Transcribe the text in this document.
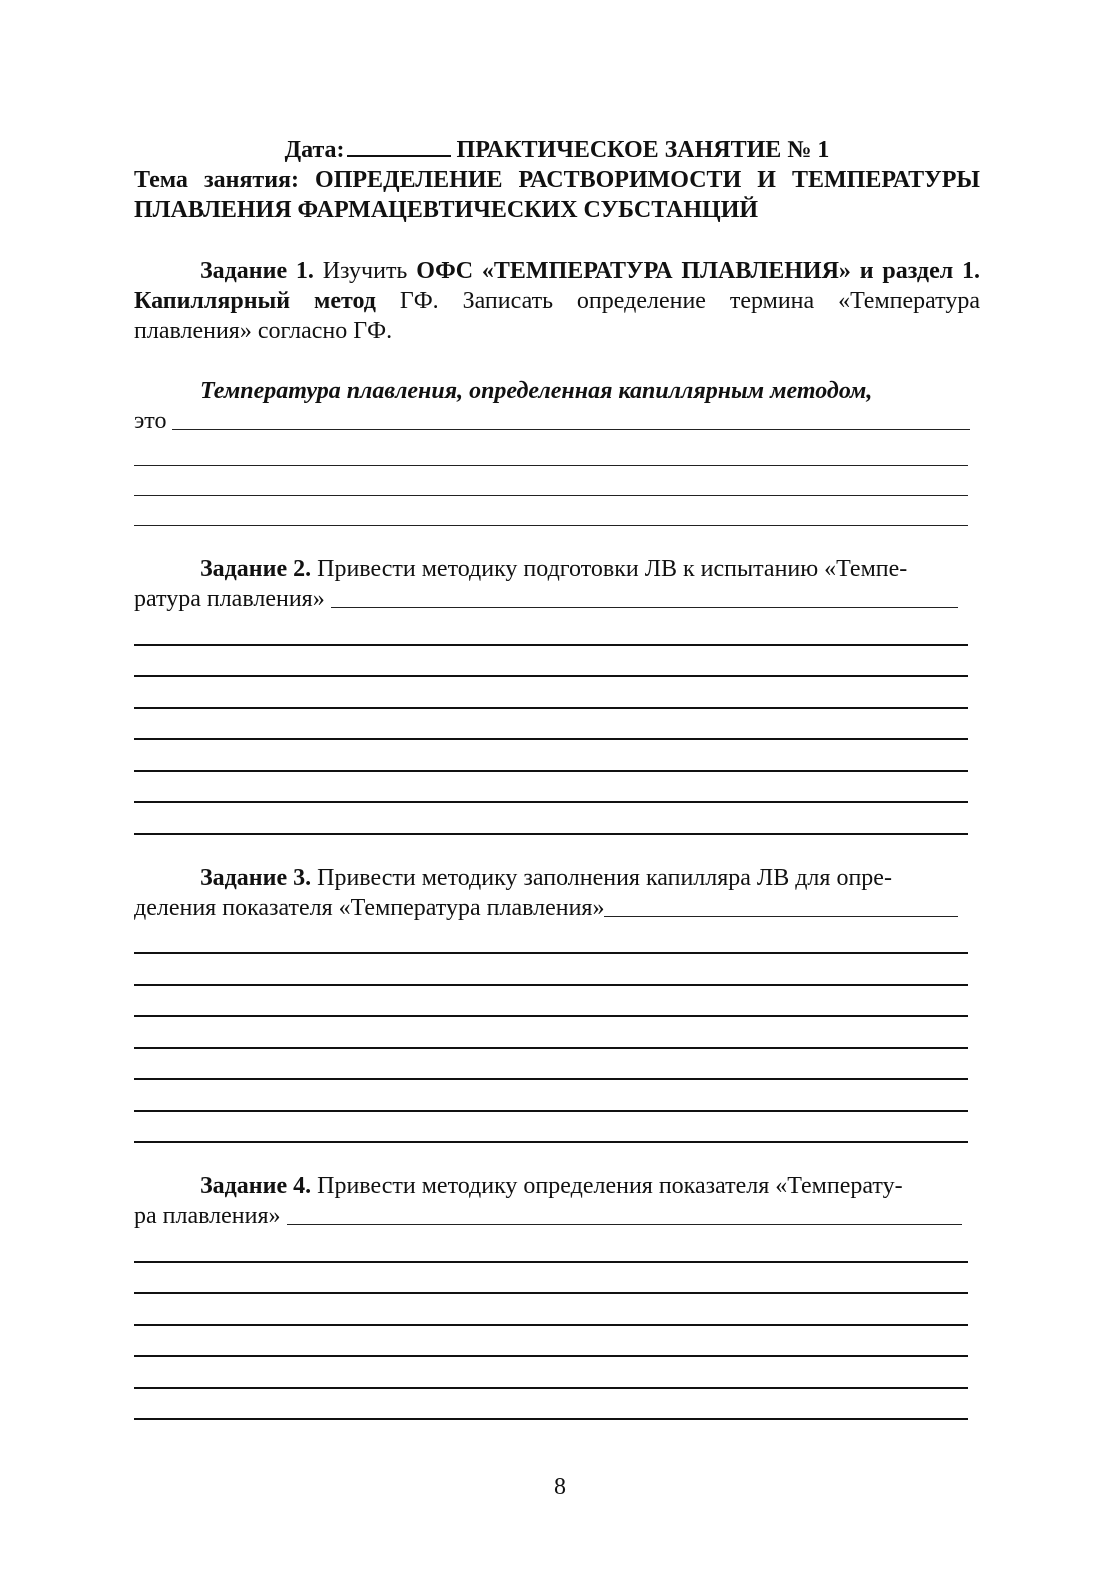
Дата:	ПРАКТИЧЕСКОЕ ЗАНЯТИЕ № 1
Тема занятия: ОПРЕДЕЛЕНИЕ РАСТВОРИМОСТИ И ТЕМПЕРАТУРЫ ПЛАВЛЕНИЯ ФАРМАЦЕВТИЧЕСКИХ СУБСТАНЦИЙ
Задание 1. Изучить ОФС «ТЕМПЕРАТУРА ПЛАВЛЕНИЯ» и раздел 1. Капиллярный метод ГФ. Записать определение термина «Температура плавления» согласно ГФ.
Температура плавления, определенная капиллярным методом,
это
Задание 2. Привести методику подготовки ЛВ к испытанию «Темпе-
ратура плавления»
Задание 3. Привести методику заполнения капилляра ЛВ для опре-
деления показателя «Температура плавления»
Задание 4. Привести методику определения показателя «Температу-
ра плавления»
8
